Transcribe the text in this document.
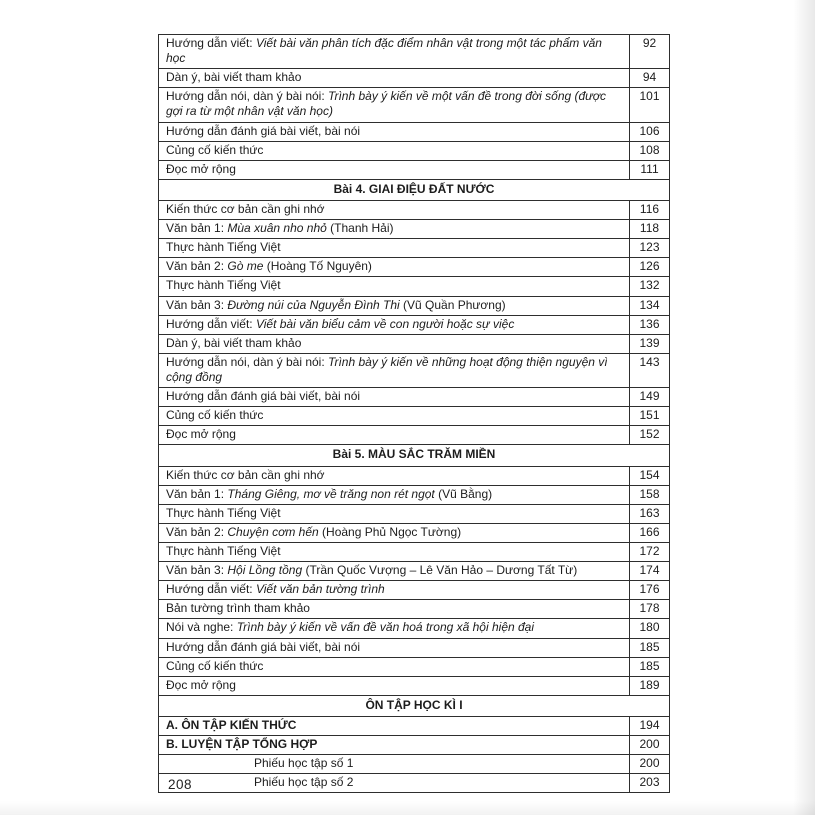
Hướng dẫn viết: Viết bài văn phân tích đặc điểm nhân vật trong một tác phẩm văn học	92
Dàn ý, bài viết tham khảo	94
Hướng dẫn nói, dàn ý bài nói: Trình bày ý kiến về một vấn đề trong đời sống (được gợi ra từ một nhân vật văn học)	101
Hướng dẫn đánh giá bài viết, bài nói	106
Củng cố kiến thức	108
Đọc mở rộng	111
Bài 4. GIAI ĐIỆU ĐẤT NƯỚC	
Kiến thức cơ bản cần ghi nhớ	116
Văn bản 1: Mùa xuân nho nhỏ (Thanh Hải)	118
Thực hành Tiếng Việt	123
Văn bản 2: Gò me (Hoàng Tố Nguyên)	126
Thực hành Tiếng Việt	132
Văn bản 3: Đường núi của Nguyễn Đình Thi (Vũ Quần Phương)	134
Hướng dẫn viết: Viết bài văn biểu cảm về con người hoặc sự việc	136
Dàn ý, bài viết tham khảo	139
Hướng dẫn nói, dàn ý bài nói: Trình bày ý kiến về những hoạt động thiện nguyện vì cộng đồng	143
Hướng dẫn đánh giá bài viết, bài nói	149
Củng cố kiến thức	151
Đọc mở rộng	152
Bài 5. MÀU SẮC TRĂM MIỀN	
Kiến thức cơ bản cần ghi nhớ	154
Văn bản 1: Tháng Giêng, mơ về trăng non rét ngọt (Vũ Bằng)	158
Thực hành Tiếng Việt	163
Văn bản 2: Chuyện cơm hến (Hoàng Phủ Ngọc Tường)	166
Thực hành Tiếng Việt	172
Văn bản 3: Hội Lồng tồng (Trần Quốc Vượng – Lê Văn Hảo – Dương Tất Từ)	174
Hướng dẫn viết: Viết văn bản tường trình	176
Bản tường trình tham khảo	178
Nói và nghe: Trình bày ý kiến về vấn đề văn hoá trong xã hội hiện đại	180
Hướng dẫn đánh giá bài viết, bài nói	185
Củng cố kiến thức	185
Đọc mở rộng	189
ÔN TẬP HỌC KÌ I	
A. ÔN TẬP KIẾN THỨC	194
B. LUYỆN TẬP TỔNG HỢP	200
Phiếu học tập số 1	200
Phiếu học tập số 2	203
208
